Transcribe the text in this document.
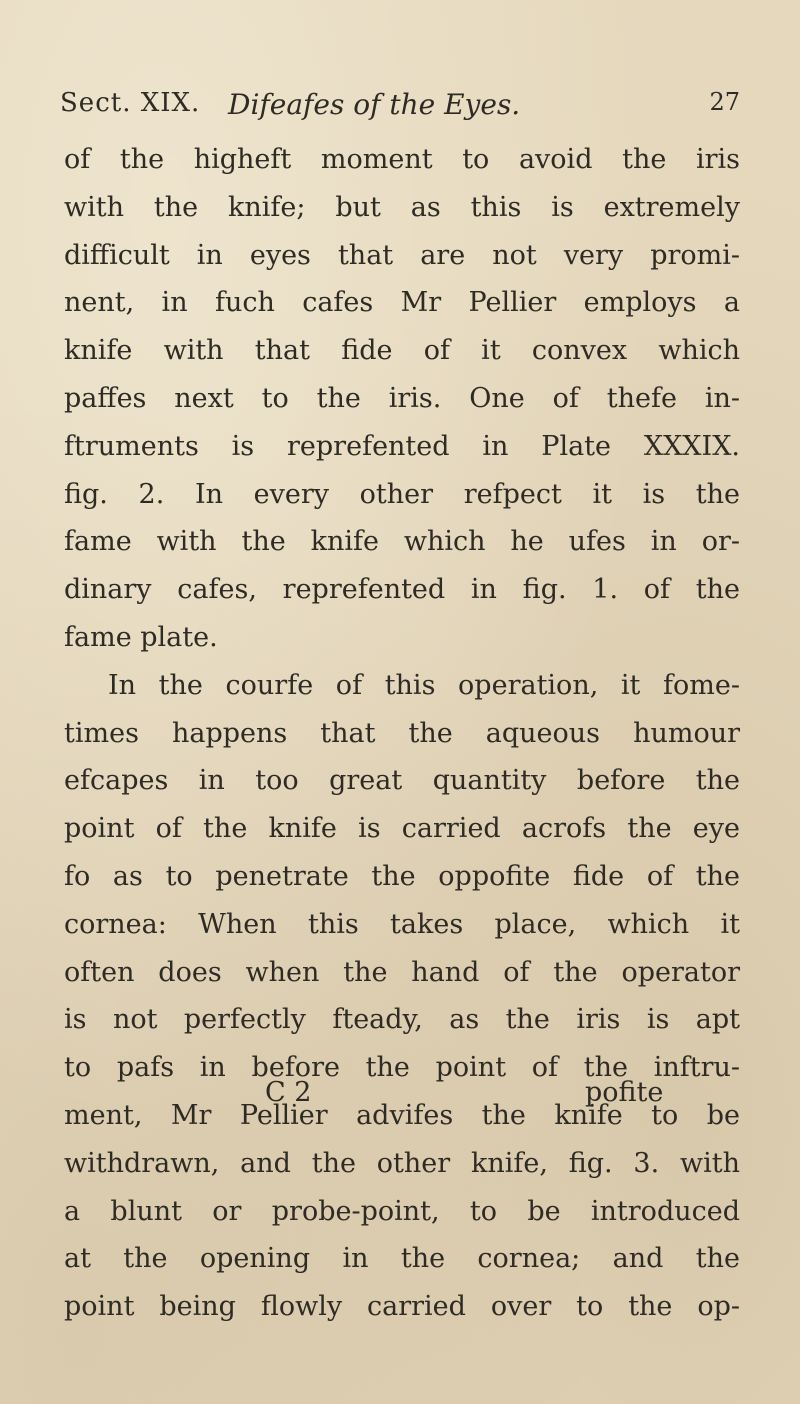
Sect. XIX. Difeafes of the Eyes.	27
of the higheft moment to avoid the iris
with the knife; but as this is extremely
difficult in eyes that are not very promi-
nent, in fuch cafes Mr Pellier employs a
knife with that fide of it convex which
paffes next to the iris. One of thefe in-
ftruments is reprefented in Plate XXXIX.
fig. 2. In every other refpect it is the
fame with the knife which he ufes in or-
dinary cafes, reprefented in fig. 1. of the
fame plate.
In the courfe of this operation, it fome-
times happens that the aqueous humour
efcapes in too great quantity before the
point of the knife is carried acrofs the eye
fo as to penetrate the oppofite fide of the
cornea: When this takes place, which it
often does when the hand of the operator
is not perfectly fteady, as the iris is apt
to pafs in before the point of the inftru-
ment, Mr Pellier advifes the knife to be
withdrawn, and the other knife, fig. 3. with
a blunt or probe-point, to be introduced
at the opening in the cornea; and the
point being flowly carried over to the op-
C 2	pofite
